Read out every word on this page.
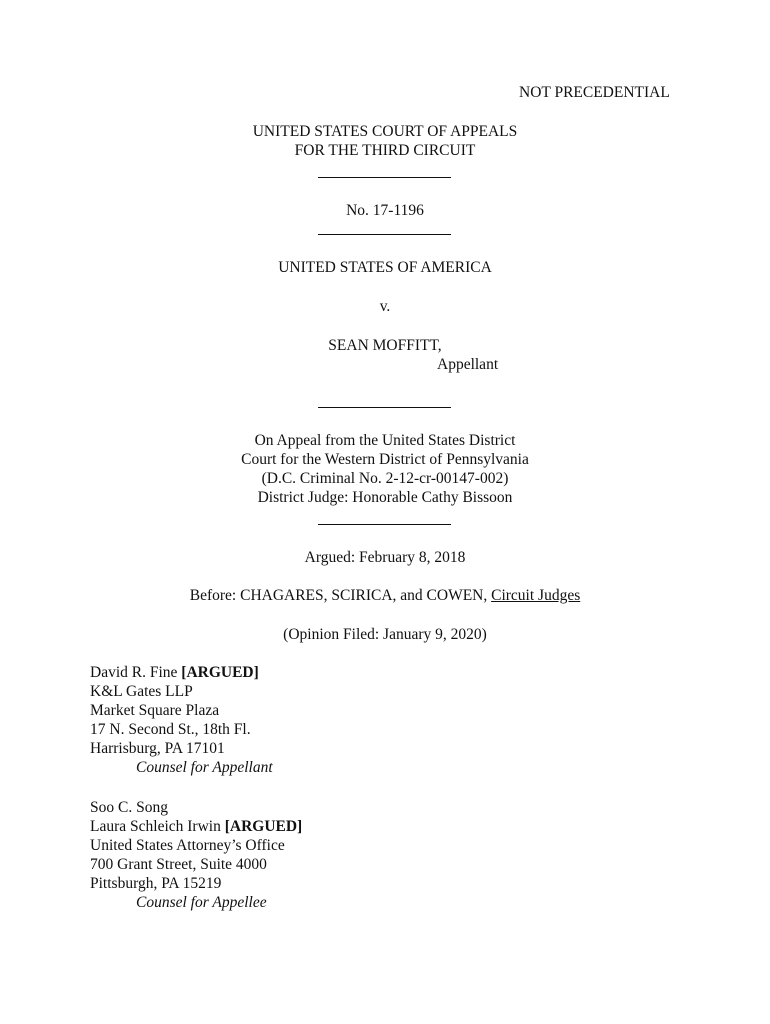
NOT PRECEDENTIAL
UNITED STATES COURT OF APPEALS
FOR THE THIRD CIRCUIT
No. 17-1196
UNITED STATES OF AMERICA
v.
SEAN MOFFITT,
Appellant
On Appeal from the United States District
Court for the Western District of Pennsylvania
(D.C. Criminal No. 2-12-cr-00147-002)
District Judge: Honorable Cathy Bissoon
Argued: February 8, 2018
Before: CHAGARES, SCIRICA, and COWEN, Circuit Judges
(Opinion Filed: January 9, 2020)
David R. Fine [ARGUED]
K&L Gates LLP
Market Square Plaza
17 N. Second St., 18th Fl.
Harrisburg, PA 17101
Counsel for Appellant
Soo C. Song
Laura Schleich Irwin [ARGUED]
United States Attorney’s Office
700 Grant Street, Suite 4000
Pittsburgh, PA 15219
Counsel for Appellee
